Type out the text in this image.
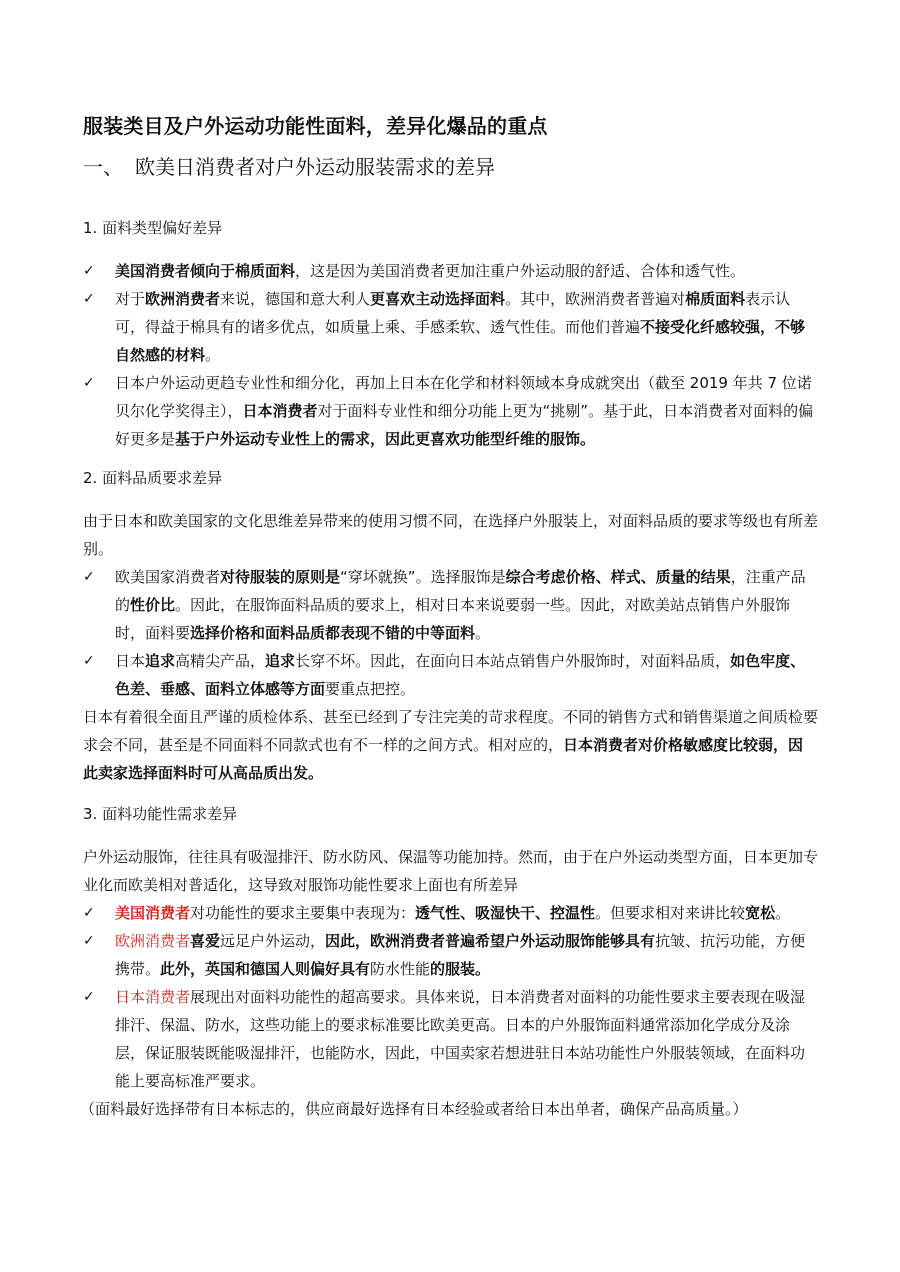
服装类目及户外运动功能性面料，差异化爆品的重点
一、 欧美日消费者对户外运动服装需求的差异
1. 面料类型偏好差异
✓	美国消费者倾向于棉质面料，这是因为美国消费者更加注重户外运动服的舒适、合体和透气性。
✓	对于欧洲消费者来说，德国和意大利人更喜欢主动选择面料。其中，欧洲消费者普遍对棉质面料表示认可，得益于棉具有的诸多优点，如质量上乘、手感柔软、透气性佳。而他们普遍不接受化纤感较强，不够自然感的材料。
✓	日本户外运动更趋专业性和细分化，再加上日本在化学和材料领域本身成就突出（截至 2019 年共 7 位诺贝尔化学奖得主），日本消费者对于面料专业性和细分功能上更为“挑剔”。基于此，日本消费者对面料的偏好更多是基于户外运动专业性上的需求，因此更喜欢功能型纤维的服饰。
2. 面料品质要求差异

由于日本和欧美国家的文化思维差异带来的使用习惯不同，在选择户外服装上，对面料品质的要求等级也有所差别。

✓	欧美国家消费者对待服装的原则是“穿坏就换”。选择服饰是综合考虑价格、样式、质量的结果，注重产品的性价比。因此，在服饰面料品质的要求上，相对日本来说要弱一些。因此，对欧美站点销售户外服饰时，面料要选择价格和面料品质都表现不错的中等面料。
✓	日本追求高精尖产品，追求长穿不坏。因此，在面向日本站点销售户外服饰时，对面料品质，如色牢度、色差、垂感、面料立体感等方面要重点把控。

日本有着很全面且严谨的质检体系、甚至已经到了专注完美的苛求程度。不同的销售方式和销售渠道之间质检要求会不同，甚至是不同面料不同款式也有不一样的之间方式。相对应的，日本消费者对价格敏感度比较弱，因此卖家选择面料时可从高品质出发。

3. 面料功能性需求差异

户外运动服饰，往往具有吸湿排汗、防水防风、保温等功能加持。然而，由于在户外运动类型方面，日本更加专业化而欧美相对普适化，这导致对服饰功能性要求上面也有所差异

✓	美国消费者对功能性的要求主要集中表现为：透气性、吸湿快干、控温性。但要求相对来讲比较宽松。
✓	欧洲消费者喜爱远足户外运动，因此，欧洲消费者普遍希望户外运动服饰能够具有抗皱、抗污功能，方便携带。此外，英国和德国人则偏好具有防水性能的服装。
✓	日本消费者展现出对面料功能性的超高要求。具体来说，日本消费者对面料的功能性要求主要表现在吸湿排汗、保温、防水，这些功能上的要求标准要比欧美更高。日本的户外服饰面料通常添加化学成分及涂层，保证服装既能吸湿排汗，也能防水，因此，中国卖家若想进驻日本站功能性户外服装领域，在面料功能上要高标准严要求。

（面料最好选择带有日本标志的，供应商最好选择有日本经验或者给日本出单者，确保产品高质量。）
